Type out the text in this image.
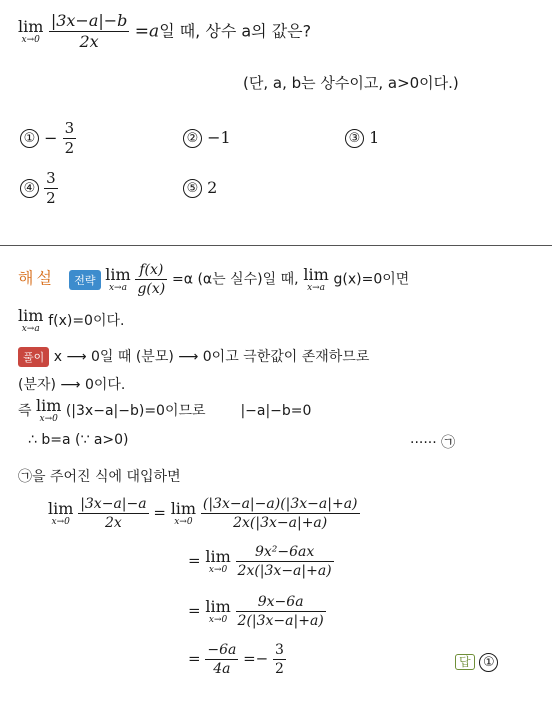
lim
x→0
$\frac{|3x-a|-b}{2x} =a$일 때, 상수 a의 값은?
(단, a, b는 상수이고, a>0이다.)
① − $\frac{3}{2}$	② −1	③ 1
④ $\frac{3}{2}$	⑤ 2
해설 전략 lim
x→a
$\frac{f(x)}{g(x)} =\alpha$ (α는 실수)일 때, lim
x→a g(x)=0이면
lim
x→a f(x)=0이다.
풀이 x ⟶ 0일 때 (분모) ⟶ 0이고 극한값이 존재하므로
(분자) ⟶ 0이다.
즉 lim
x→0 (|3x−a|−b)=0이므로 |−a|−b=0
∴ b=a (∵ a>0)	······ ㉠
㉠을 주어진 식에 대입하면
lim
x→0
$\frac{|3x-a|-a}{2x} = \lim$
x→0
$\frac{(|3x-a|-a)(|3x-a|+a)}{2x(|3x-a|+a)}$
= lim
x→0
$\frac{\text{9x²−6ax}}{2x(|3x-a|+a)}$
= lim
x→0
$\frac{9x-6a}{2(|3x-a|+a)}$
= $\frac{-6a}{4a} =- \frac{3}{2}$	답 ①
